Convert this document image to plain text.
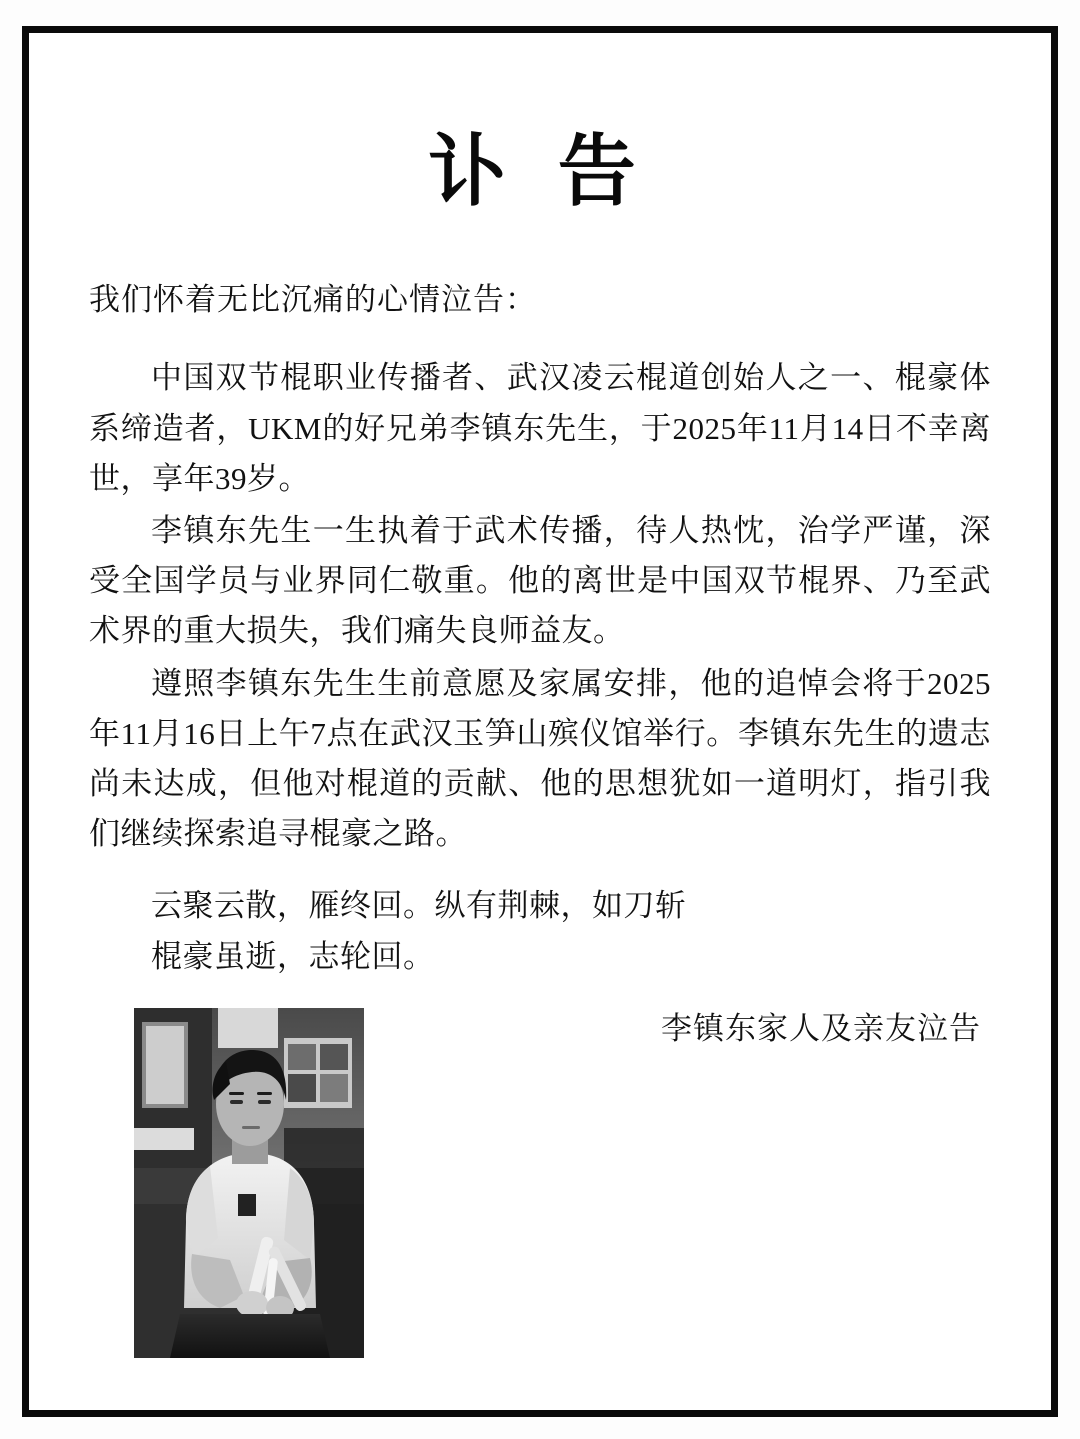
讣 告
我们怀着无比沉痛的心情泣告：

中国双节棍职业传播者、武汉凌云棍道创始人之一、棍豪体系缔造者，UKM的好兄弟李镇东先生，于2025年11月14日不幸离世，享年39岁。

李镇东先生一生执着于武术传播，待人热忱，治学严谨，深受全国学员与业界同仁敬重。他的离世是中国双节棍界、乃至武术界的重大损失，我们痛失良师益友。

遵照李镇东先生生前意愿及家属安排，他的追悼会将于2025年11月16日上午7点在武汉玉笋山殡仪馆举行。李镇东先生的遗志尚未达成，但他对棍道的贡献、他的思想犹如一道明灯，指引我们继续探索追寻棍豪之路。

云聚云散，雁终回。纵有荆棘，如刀斩

棍豪虽逝，志轮回。

李镇东家人及亲友泣告
